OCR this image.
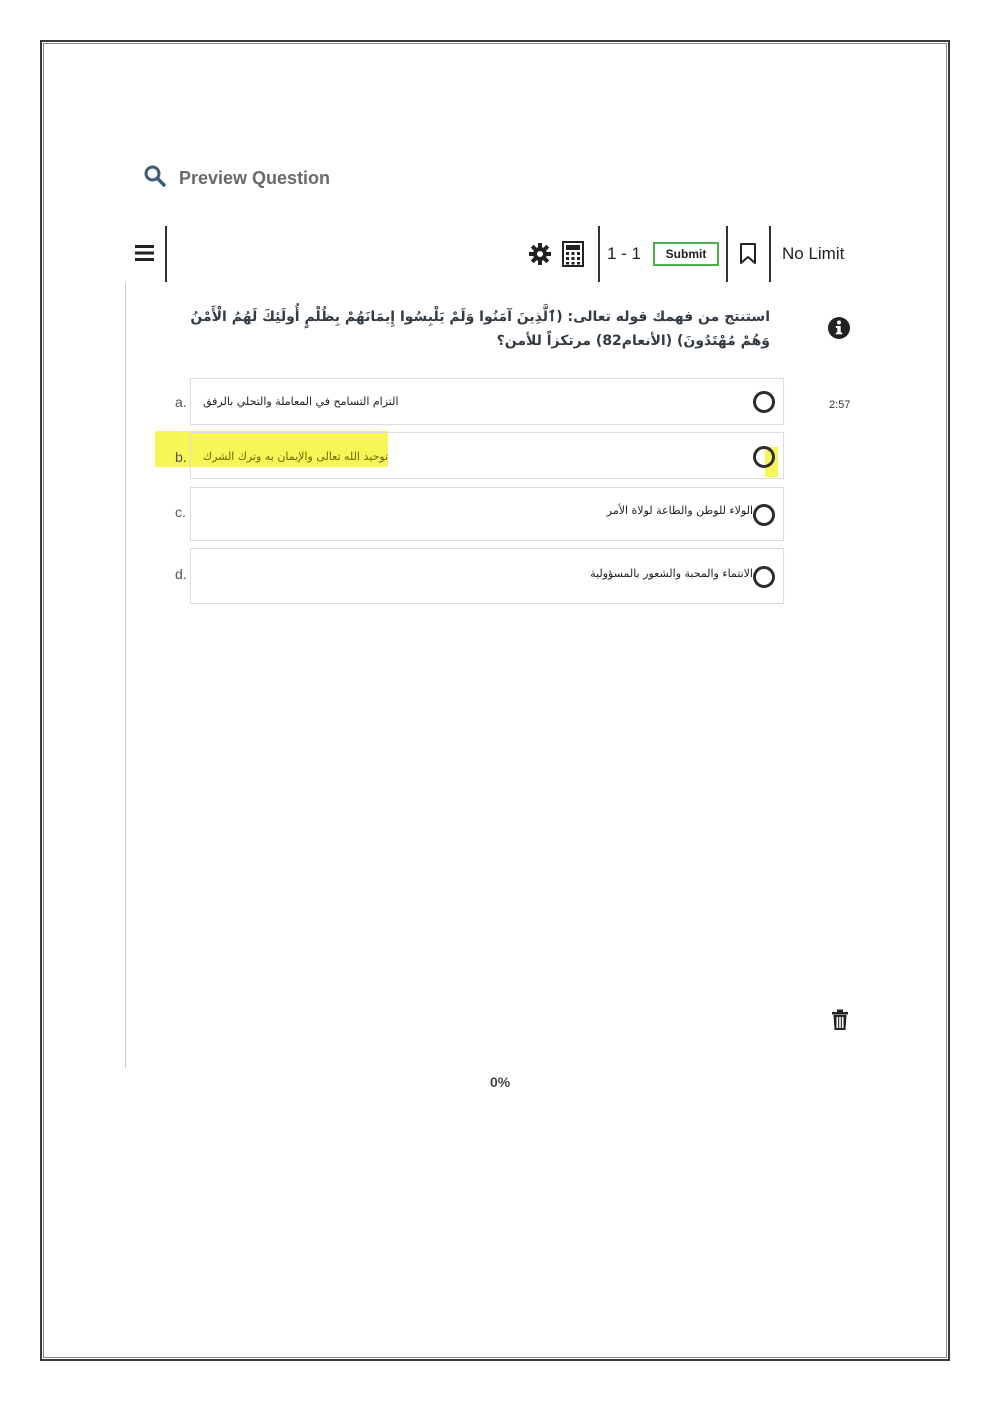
Preview Question
1 - 1	Submit	No Limit
استنتج من فهمك قوله تعالى: (ٱلَّذِينَ آمَنُوا وَلَمْ يَلْبِسُوا إِيمَانَهُمْ بِظُلْمٍ أُولَئِكَ لَهُمُ الْأَمْنُ وَهُمْ مُهْتَدُونَ) (الأنعام82) مرتكزاً للأمن؟
2:57
a. التزام التسامح في المعاملة والتحلي بالرفق
b. توحيد الله تعالى والإيمان به وترك الشرك
c.	الولاء للوطن والطاعة لولاة الأمر
d.	الانتماء والمحبة والشعور بالمسؤولية
0%
